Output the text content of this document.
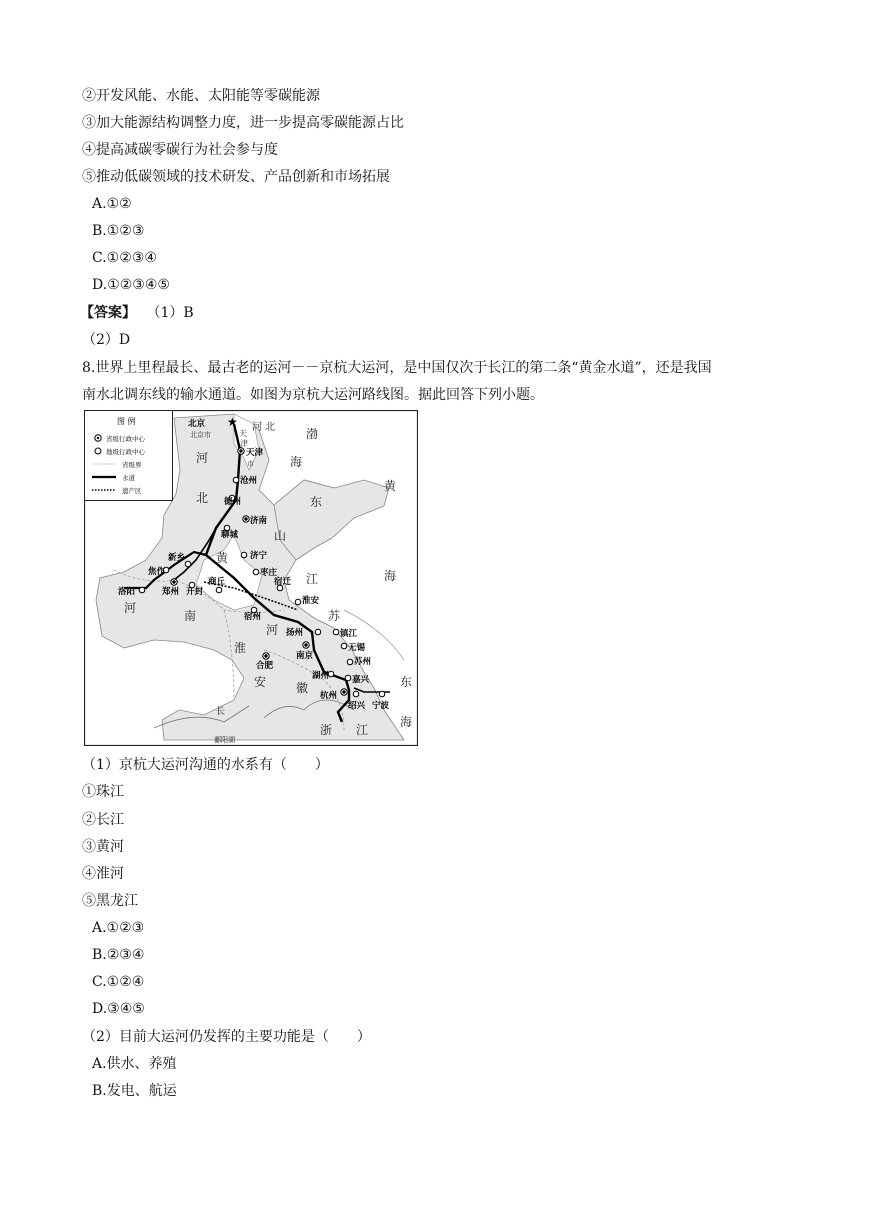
②开发风能、水能、太阳能等零碳能源
③加大能源结构调整力度，进一步提高零碳能源占比
④提高减碳零碳行为社会参与度
⑤推动低碳领域的技术研发、产品创新和市场拓展
A.①②
B.①②③
C.①②③④
D.①②③④⑤
【答案】 （1）B
（2）D
8.世界上里程最长、最古老的运河－－京杭大运河，是中国仅次于长江的第二条“黄金水道”，还是我国
南水北调东线的输水通道。如图为京杭大运河路线图。据此回答下列小题。
图 例
省级行政中心
地级行政中心
省级界
水道
遗产区
★
北京
天津
沧州
德州
济南
聊城
济宁
枣庄
宿迁
淮安
扬州	镇江
南京
无锡
苏州
嘉兴
湖州
杭州
绍兴 宁波
新乡
焦作
郑州 开封
洛阳
商丘
宿州
合肥
北京市	天
津
市
河 北
河
北
渤
海
东
山
黄
海
黄
江
苏
河
南
河
淮
安 徽
浙 江
东
海
长
鄱阳湖
（1）京杭大运河沟通的水系有（　　）
①珠江
②长江
③黄河
④淮河
⑤黑龙江
A.①②③
B.②③④
C.①②④
D.③④⑤
（2）目前大运河仍发挥的主要功能是（　　）
A.供水、养殖
B.发电、航运
